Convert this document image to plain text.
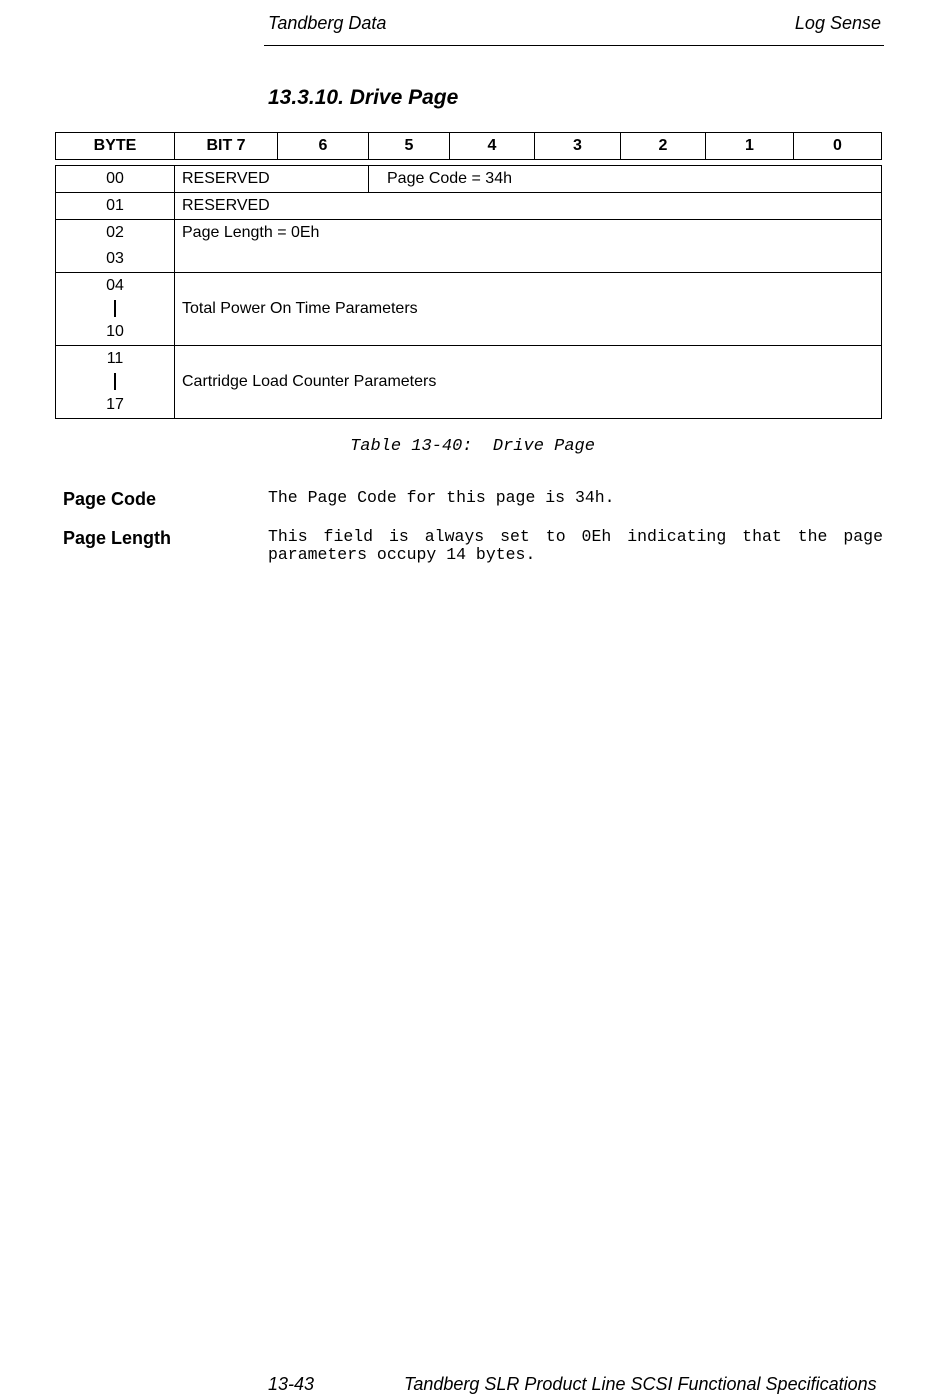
Tandberg Data	Log Sense
13.3.10. Drive Page
BYTE	BIT 7	6	5	4	3	2	1	0
00	RESERVED	Page Code = 34h

01	RESERVED	

02
03	Page Length = 0Eh	

04
10	Total Power On Time Parameters	

11
17	Cartridge Load Counter Parameters	
Table 13-40:  Drive Page
Page Code	The Page Code for this page is 34h.
Page Length	This field is always set to 0Eh indicating that the page parameters occupy 14 bytes.
13-43	Tandberg SLR Product Line SCSI Functional Specifications
